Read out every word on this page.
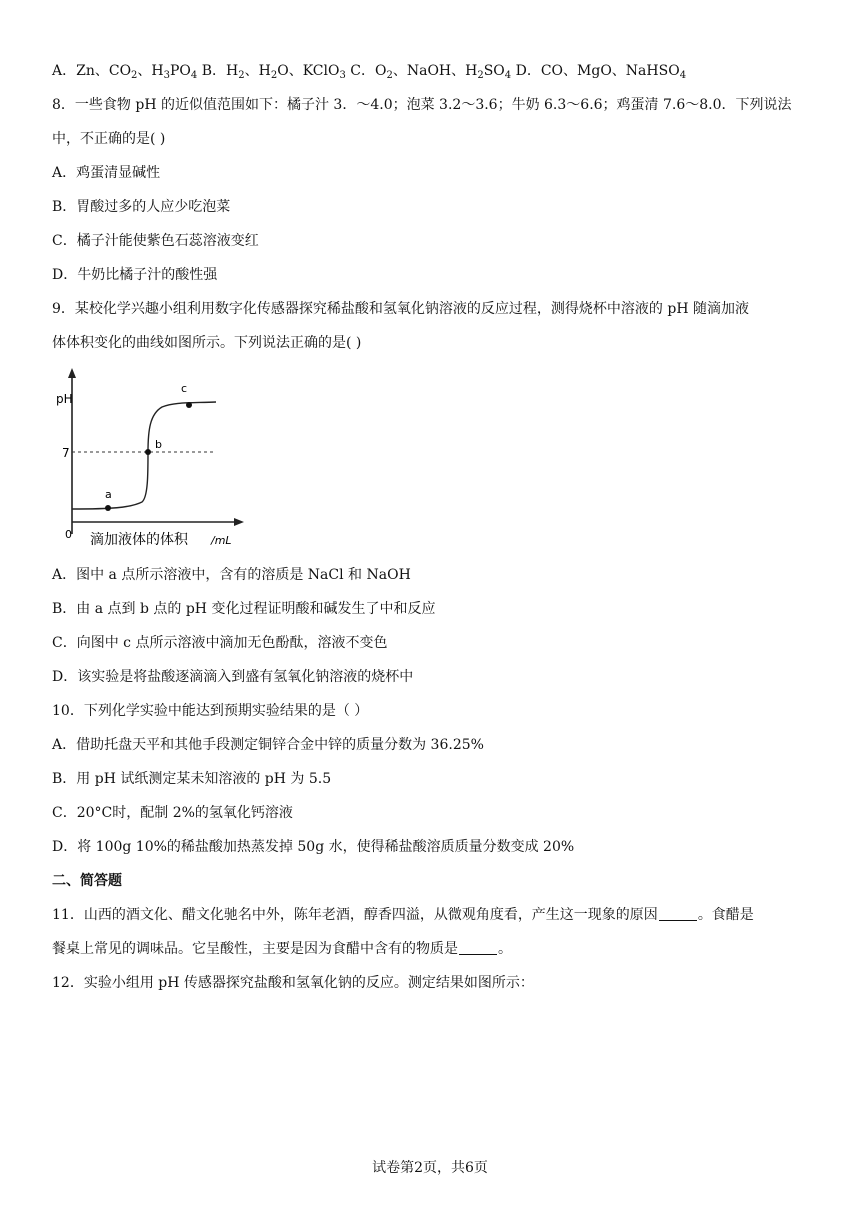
A．Zn、$CO_2$、$H_3PO_4$ B．$H_2$、$H_2O$、KClO$_3$ C．$O_2$、NaOH、$H_2SO_4$ D．CO、MgO、NaHSO$_4$
8．一些食物 pH 的近似值范围如下：橘子汁 3．～4.0；泡菜 3.2～3.6；牛奶 6.3～6.6；鸡蛋清 7.6～8.0．下列说法
中，不正确的是( )
A．鸡蛋清显碱性
B．胃酸过多的人应少吃泡菜
C．橘子汁能使紫色石蕊溶液变红
D．牛奶比橘子汁的酸性强
9．某校化学兴趣小组利用数字化传感器探究稀盐酸和氢氧化钠溶液的反应过程，测得烧杯中溶液的 pH 随滴加液
体体积变化的曲线如图所示。下列说法正确的是( )
A．图中 a 点所示溶液中，含有的溶质是 NaCl 和 NaOH
B．由 a 点到 b 点的 pH 变化过程证明酸和碱发生了中和反应
C．向图中 c 点所示溶液中滴加无色酚酞，溶液不变色
D．该实验是将盐酸逐滴滴入到盛有氢氧化钠溶液的烧杯中
10．下列化学实验中能达到预期实验结果的是（ ）
A．借助托盘天平和其他手段测定铜锌合金中锌的质量分数为 36.25%
B．用 pH 试纸测定某未知溶液的 pH 为 5.5
C．20°C时，配制 2%的氢氧化钙溶液
D．将 100g 10%的稀盐酸加热蒸发掉 50g 水，使得稀盐酸溶质质量分数变成 20%
二、简答题
11．山西的酒文化、醋文化驰名中外，陈年老酒，醇香四溢，从微观角度看，产生这一现象的原因	。食醋是
餐桌上常见的调味品。它呈酸性，主要是因为食醋中含有的物质是	。
12．实验小组用 pH 传感器探究盐酸和氢氧化钠的反应。测定结果如图所示：
pH
7
0
a
b
c
滴加液体的体积 /mL
试卷第2页，共6页
